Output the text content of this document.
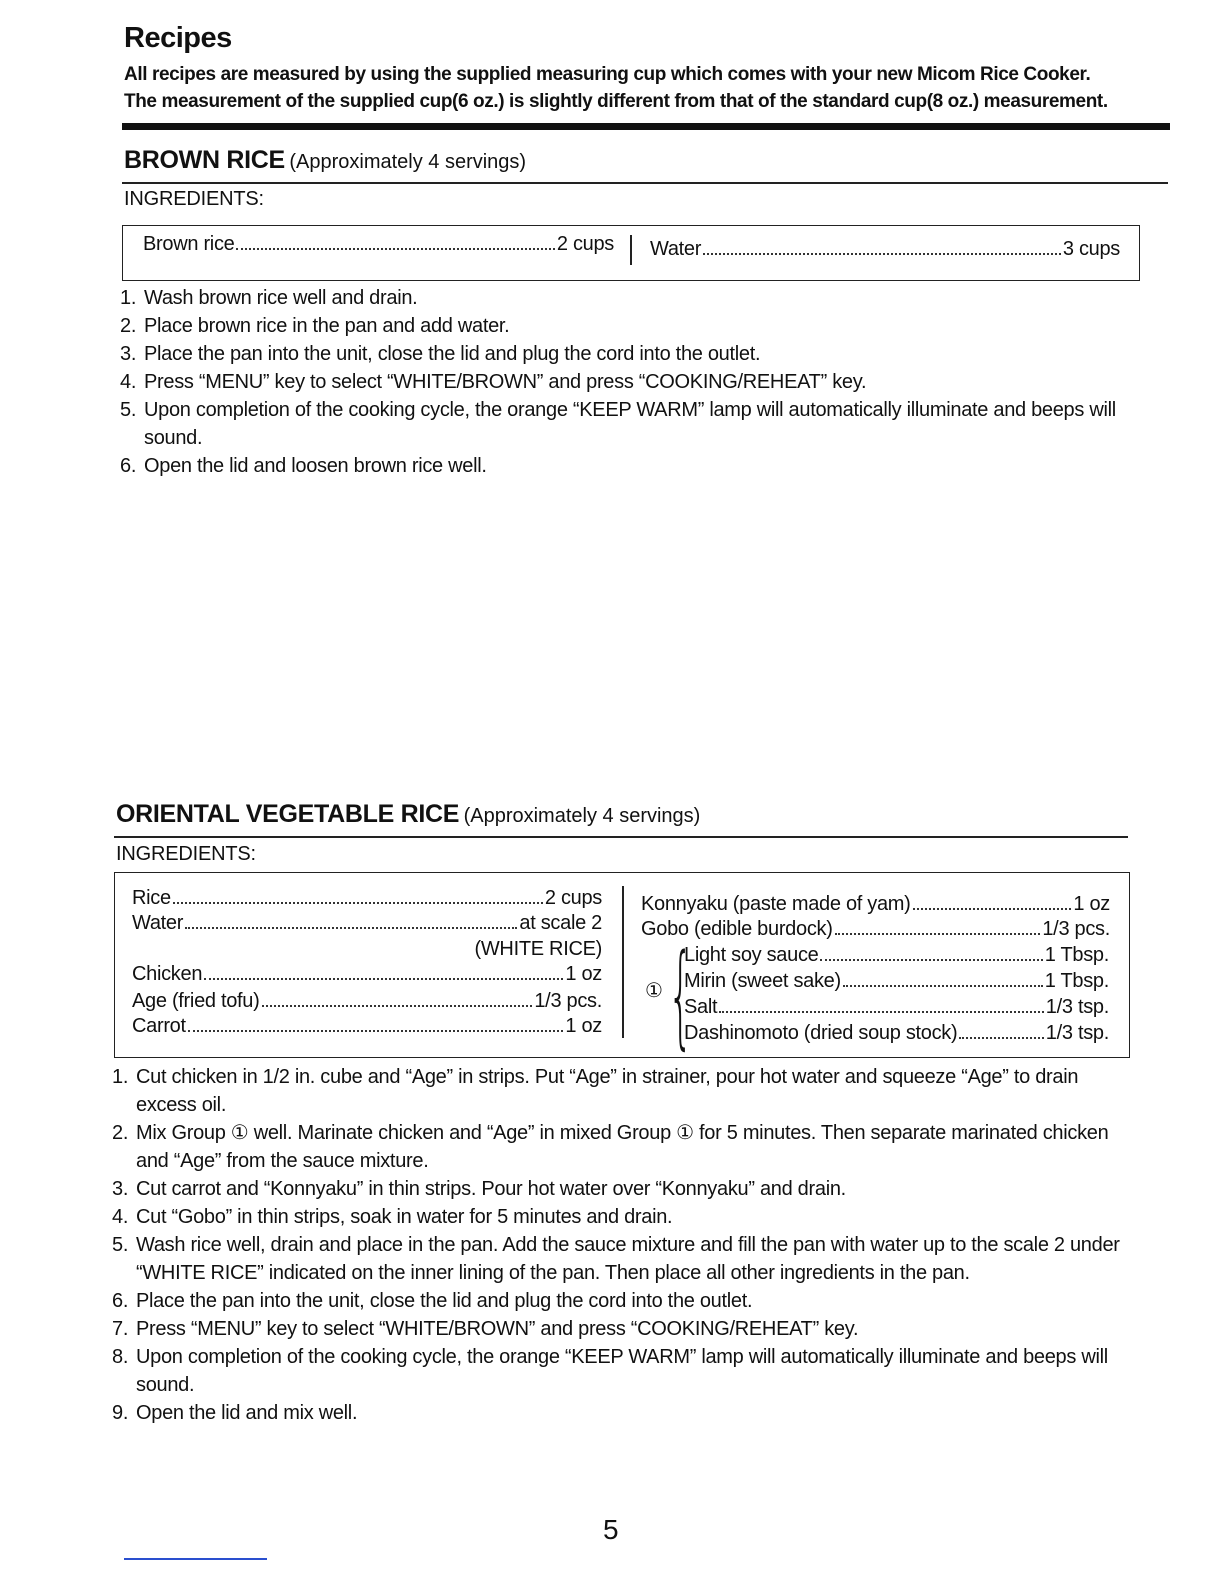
Recipes
All recipes are measured by using the supplied measuring cup which comes with your new Micom Rice Cooker.
The measurement of the supplied cup(6 oz.) is slightly different from that of the standard cup(8 oz.) measurement.
BROWN RICE (Approximately 4 servings)
INGREDIENTS:
Brown rice	2 cups Water	3 cups
1. Wash brown rice well and drain.
2. Place brown rice in the pan and add water.
3. Place the pan into the unit, close the lid and plug the cord into the outlet.
4. Press “MENU” key to select “WHITE/BROWN” and press “COOKING/REHEAT” key.
5. Upon completion of the cooking cycle, the orange “KEEP WARM” lamp will automatically illuminate and beeps will sound.
6. Open the lid and loosen brown rice well.
ORIENTAL VEGETABLE RICE (Approximately 4 servings)
INGREDIENTS:
Rice	2 cups
Water	at scale 2
(WHITE RICE)
Chicken	1 oz
Age (fried tofu)	1/3 pcs.
Carrot	1 oz
Konnyaku (paste made of yam)	1 oz
Gobo (edible burdock)	1/3 pcs.
{
①
Light soy sauce	1 Tbsp.
Mirin (sweet sake)	1 Tbsp.
Salt	1/3 tsp.
Dashinomoto (dried soup stock)	1/3 tsp.
1. Cut chicken in 1/2 in. cube and “Age” in strips. Put “Age” in strainer, pour hot water and squeeze “Age” to drain excess oil.
2. Mix Group ① well. Marinate chicken and “Age” in mixed Group ① for 5 minutes. Then separate marinated chicken and “Age” from the sauce mixture.
3. Cut carrot and “Konnyaku” in thin strips. Pour hot water over “Konnyaku” and drain.
4. Cut “Gobo” in thin strips, soak in water for 5 minutes and drain.
5. Wash rice well, drain and place in the pan. Add the sauce mixture and fill the pan with water up to the scale 2 under “WHITE RICE” indicated on the inner lining of the pan. Then place all other ingredients in the pan.
6. Place the pan into the unit, close the lid and plug the cord into the outlet.
7. Press “MENU” key to select “WHITE/BROWN” and press “COOKING/REHEAT” key.
8. Upon completion of the cooking cycle, the orange “KEEP WARM” lamp will automatically illuminate and beeps will sound.
9. Open the lid and mix well.
5
